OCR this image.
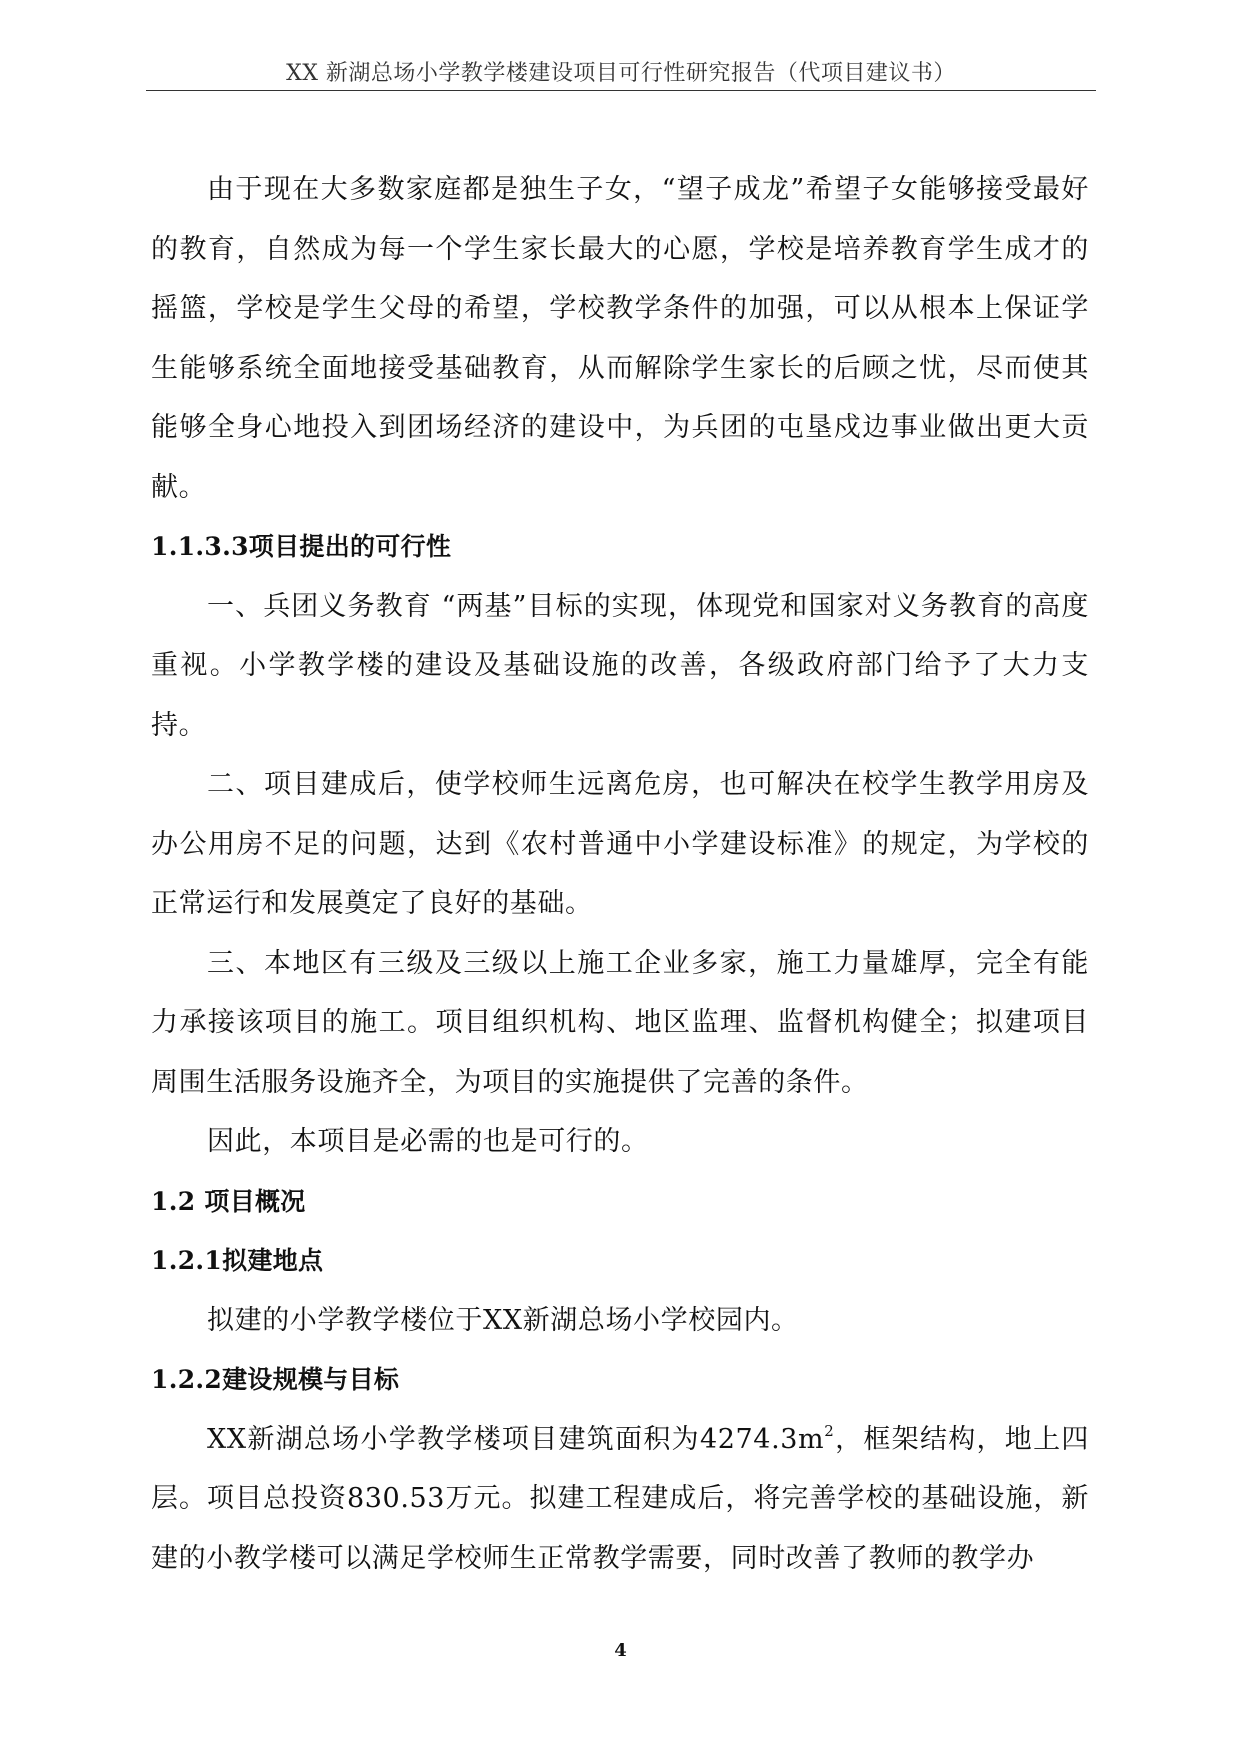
XX 新湖总场小学教学楼建设项目可行性研究报告（代项目建议书）

由于现在大多数家庭都是独生子女，“望子成龙”希望子女能够接受最好的教育，自然成为每一个学生家长最大的心愿，学校是培养教育学生成才的摇篮，学校是学生父母的希望，学校教学条件的加强，可以从根本上保证学生能够系统全面地接受基础教育，从而解除学生家长的后顾之忧，尽而使其能够全身心地投入到团场经济的建设中，为兵团的屯垦戍边事业做出更大贡献。

1.1.3.3项目提出的可行性

一、兵团义务教育 “两基”目标的实现，体现党和国家对义务教育的高度重视。小学教学楼的建设及基础设施的改善，各级政府部门给予了大力支持。

二、项目建成后，使学校师生远离危房，也可解决在校学生教学用房及办公用房不足的问题，达到《农村普通中小学建设标准》的规定，为学校的正常运行和发展奠定了良好的基础。

三、本地区有三级及三级以上施工企业多家，施工力量雄厚，完全有能力承接该项目的施工。项目组织机构、地区监理、监督机构健全；拟建项目周围生活服务设施齐全，为项目的实施提供了完善的条件。

因此，本项目是必需的也是可行的。

1.2 项目概况
1.2.1拟建地点

拟建的小学教学楼位于XX新湖总场小学校园内。

1.2.2建设规模与目标

XX新湖总场小学教学楼项目建筑面积为$4274.3m^2$，框架结构，地上四层。项目总投资830.53万元。拟建工程建成后，将完善学校的基础设施，新建的小教学楼可以满足学校师生正常教学需要，同时改善了教师的教学办

4
